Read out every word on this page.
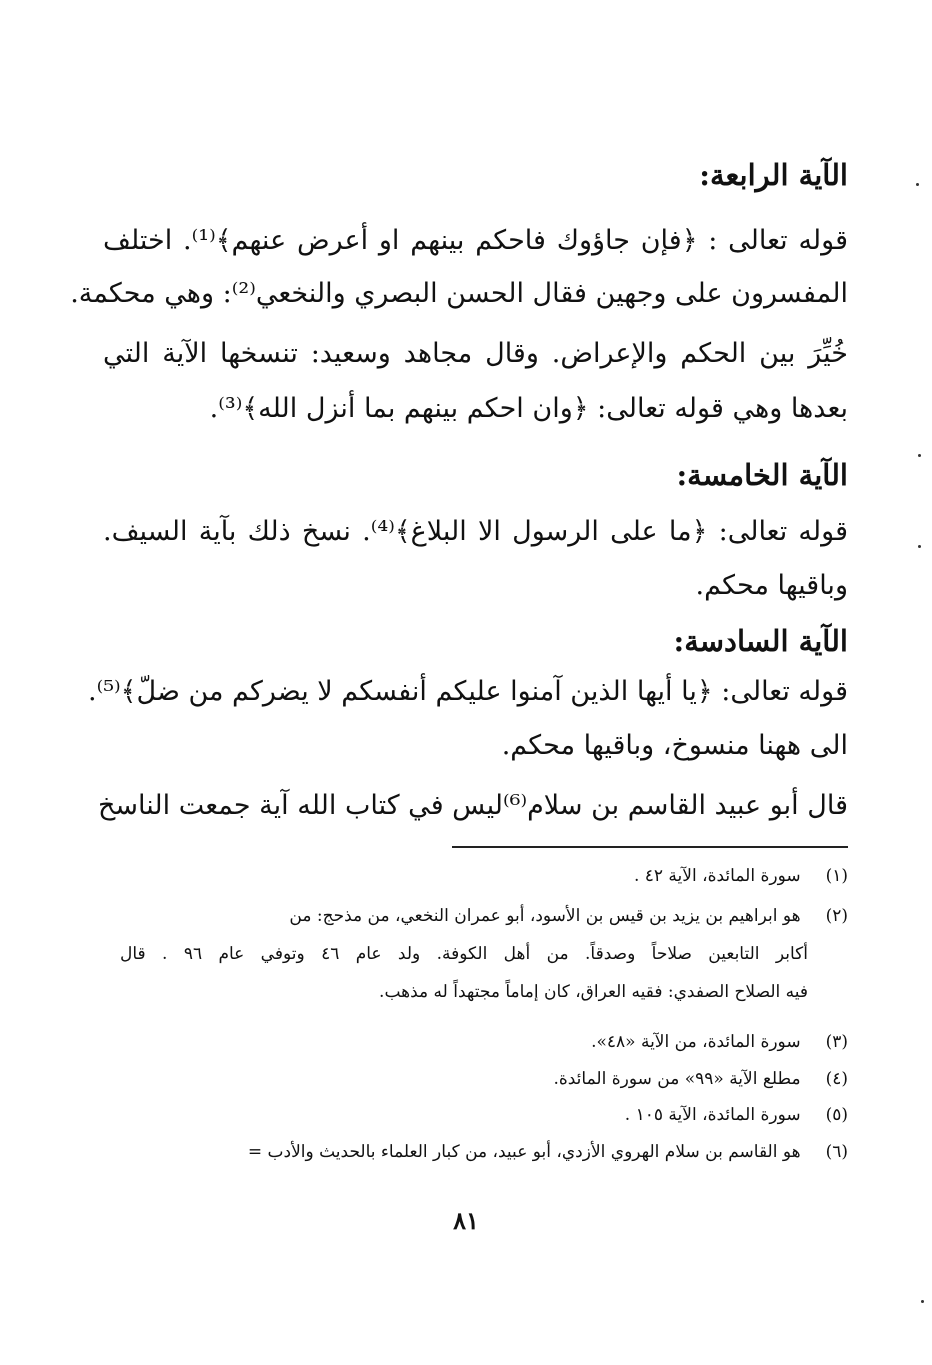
الآية الرابعة:
قوله تعالى : ﴿فإن جاؤوك فاحكم بينهم او أعرض عنهم﴾⁽¹⁾. اختلف
المفسرون على وجهين فقال الحسن البصري والنخعي⁽²⁾: وهي محكمة.
خُيِّرَ بين الحكم والإعراض. وقال مجاهد وسعيد: تنسخها الآية التي
بعدها وهي قوله تعالى: ﴿وان احكم بينهم بما أنزل الله﴾⁽³⁾.
الآية الخامسة:
قوله تعالى: ﴿ما على الرسول الا البلاغ﴾⁽⁴⁾. نسخ ذلك بآية السيف.
وباقيها محكم.
الآية السادسة:
قوله تعالى: ﴿يا أيها الذين آمنوا عليكم أنفسكم لا يضركم من ضلّ﴾⁽⁵⁾.
الى ههنا منسوخ، وباقيها محكم.
قال أبو عبيد القاسم بن سلام⁽⁶⁾ليس في كتاب الله آية جمعت الناسخ
(١) سورة المائدة، الآية ٤٢ .
(٢) هو ابراهيم بن يزيد بن قيس بن الأسود، أبو عمران النخعي، من مذحج: من
أكابر التابعين صلاحاً وصدقاً. من أهل الكوفة. ولد عام ٤٦ وتوفي عام ٩٦ . قال
فيه الصلاح الصفدي: فقيه العراق، كان إماماً مجتهداً له مذهب.
(٣) سورة المائدة، من الآية «٤٨».
(٤) مطلع الآية «٩٩» من سورة المائدة.
(٥) سورة المائدة، الآية ١٠٥ .
(٦) هو القاسم بن سلام الهروي الأزدي، أبو عبيد، من كبار العلماء بالحديث والأدب =
٨١
